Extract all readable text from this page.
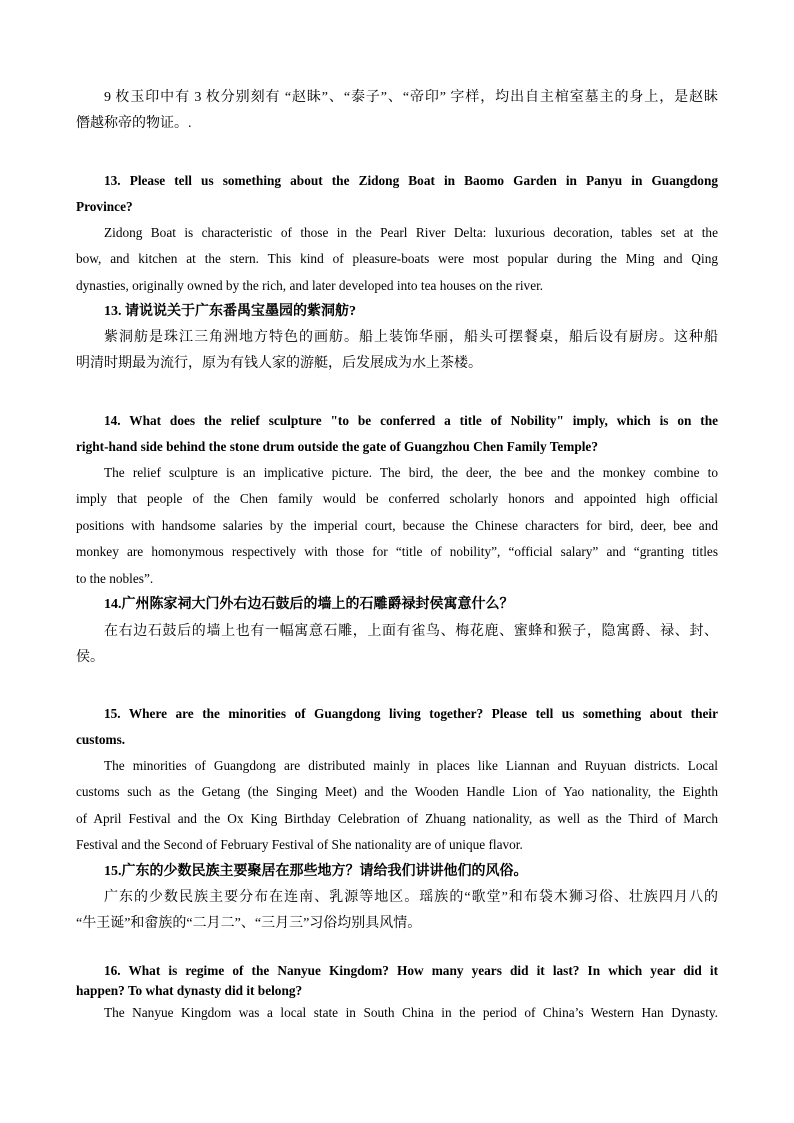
9 枚玉印中有 3 枚分别刻有 “赵眛”、“泰子”、“帝印” 字样，均出自主棺室墓主的身上，是赵眛
僭越称帝的物证。.
13. Please tell us something about the Zidong Boat in Baomo Garden in Panyu in Guangdong
Province?
Zidong Boat is characteristic of those in the Pearl River Delta: luxurious decoration, tables set at the
bow, and kitchen at the stern. This kind of pleasure-boats were most popular during the Ming and Qing
dynasties, originally owned by the rich, and later developed into tea houses on the river.
13. 请说说关于广东番禺宝墨园的紫洞舫?
紫洞舫是珠江三角洲地方特色的画舫。船上装饰华丽，船头可摆餐桌，船后设有厨房。这种船
明清时期最为流行，原为有钱人家的游艇，后发展成为水上茶楼。
14. What does the relief sculpture "to be conferred a title of Nobility" imply, which is on the
right-hand side behind the stone drum outside the gate of Guangzhou Chen Family Temple?
The relief sculpture is an implicative picture. The bird, the deer, the bee and the monkey combine to
imply that people of the Chen family would be conferred scholarly honors and appointed high official
positions with handsome salaries by the imperial court, because the Chinese characters for bird, deer, bee and
monkey are homonymous respectively with those for “title of nobility”, “official salary” and “granting titles
to the nobles”.
14.广州陈家祠大门外右边石鼓后的墙上的石雕爵禄封侯寓意什么？
在右边石鼓后的墙上也有一幅寓意石雕，上面有雀鸟、梅花鹿、蜜蜂和猴子，隐寓爵、禄、封、
侯。
15. Where are the minorities of Guangdong living together? Please tell us something about their
customs.
The minorities of Guangdong are distributed mainly in places like Liannan and Ruyuan districts. Local
customs such as the Getang (the Singing Meet) and the Wooden Handle Lion of Yao nationality, the Eighth
of April Festival and the Ox King Birthday Celebration of Zhuang nationality, as well as the Third of March
Festival and the Second of February Festival of She nationality are of unique flavor.
15.广东的少数民族主要聚居在那些地方？请给我们讲讲他们的风俗。
广东的少数民族主要分布在连南、乳源等地区。瑶族的“歌堂”和布袋木狮习俗、壮族四月八的
“牛王诞”和畲族的“二月二”、“三月三”习俗均别具风情。
16. What is regime of the Nanyue Kingdom? How many years did it last? In which year did it
happen? To what dynasty did it belong?
The Nanyue Kingdom was a local state in South China in the period of China’s Western Han Dynasty.
